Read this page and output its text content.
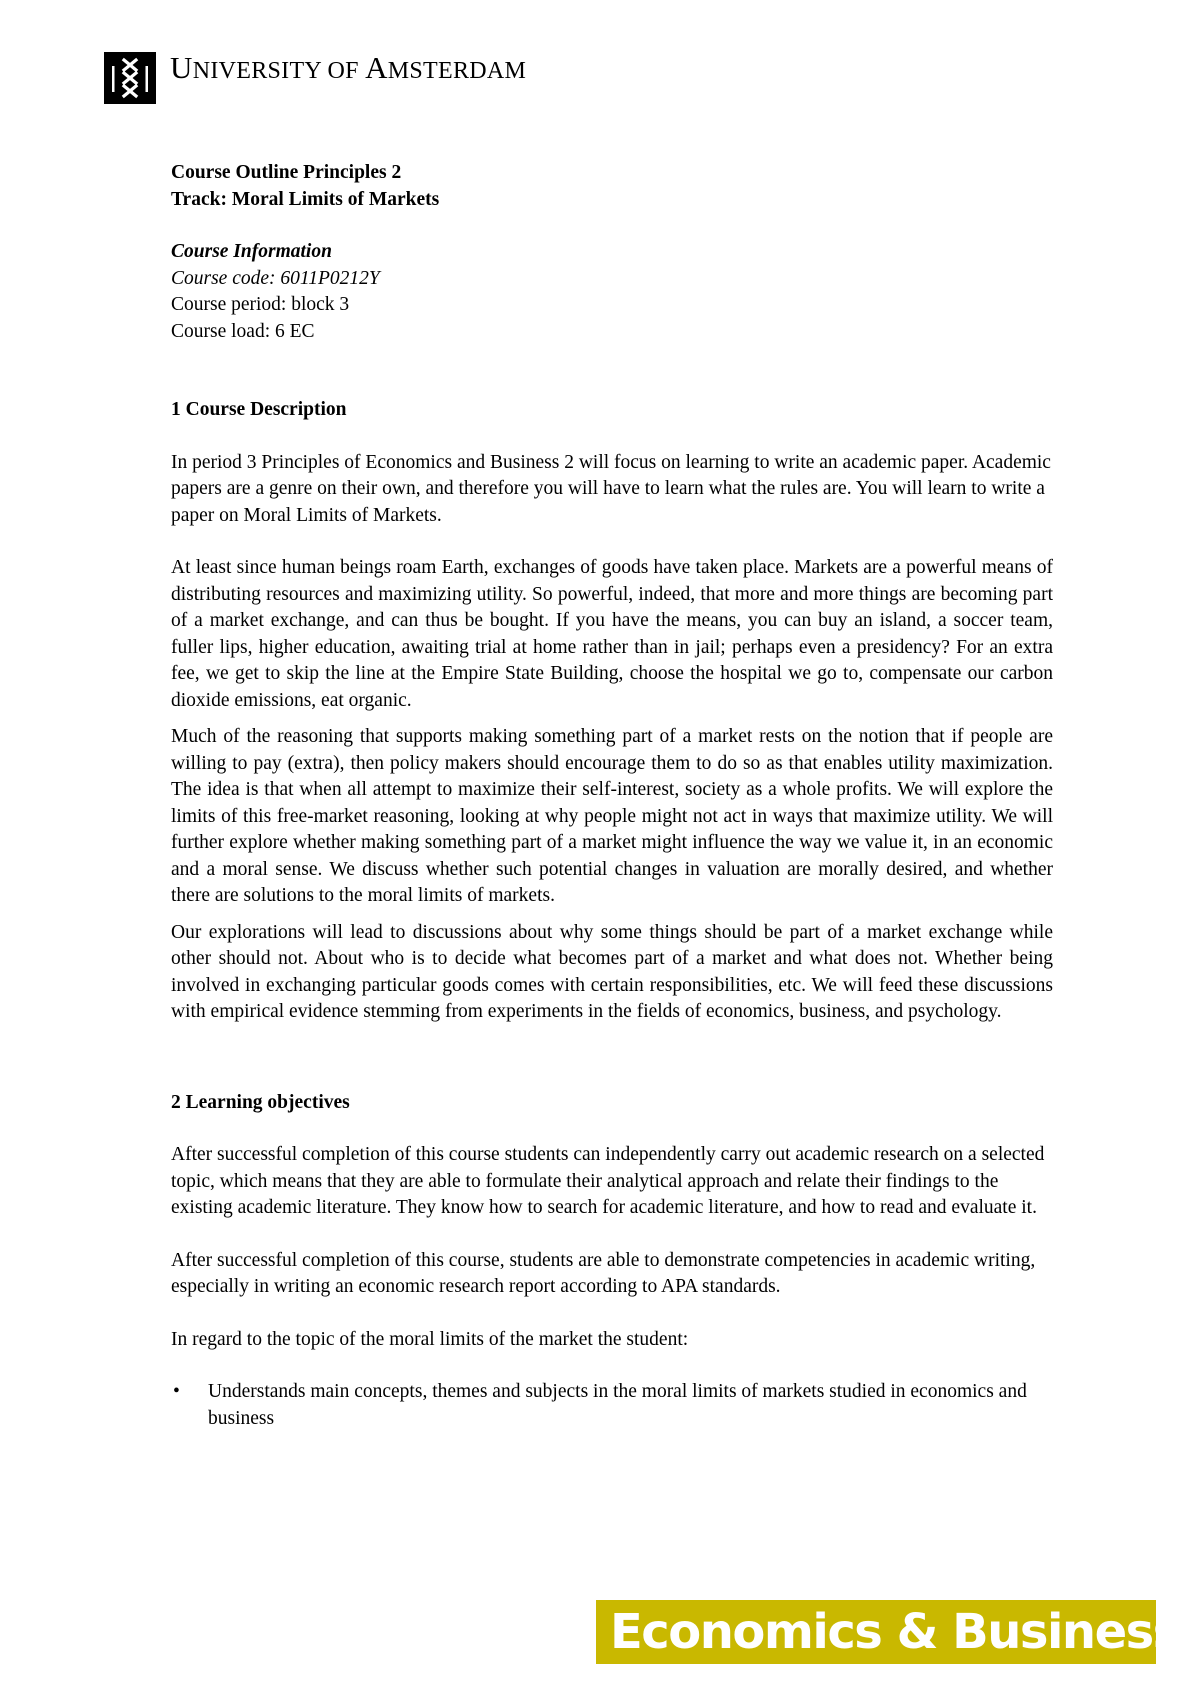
UNIVERSITY OF AMSTERDAM

Course Outline Principles 2

Track: Moral Limits of Markets

Course Information

Course code: 6011P0212Y

Course period: block 3

Course load: 6 EC

1 Course Description

In period 3 Principles of Economics and Business 2 will focus on learning to write an academic paper. Academic papers are a genre on their own, and therefore you will have to learn what the rules are. You will learn to write a paper on Moral Limits of Markets.

At least since human beings roam Earth, exchanges of goods have taken place. Markets are a powerful means of distributing resources and maximizing utility. So powerful, indeed, that more and more things are becoming part of a market exchange, and can thus be bought. If you have the means, you can buy an island, a soccer team, fuller lips, higher education, awaiting trial at home rather than in jail; perhaps even a presidency? For an extra fee, we get to skip the line at the Empire State Building, choose the hospital we go to, compensate our carbon dioxide emissions, eat organic.

Much of the reasoning that supports making something part of a market rests on the notion that if people are willing to pay (extra), then policy makers should encourage them to do so as that enables utility maximization. The idea is that when all attempt to maximize their self-interest, society as a whole profits. We will explore the limits of this free-market reasoning, looking at why people might not act in ways that maximize utility. We will further explore whether making something part of a market might influence the way we value it, in an economic and a moral sense. We discuss whether such potential changes in valuation are morally desired, and whether there are solutions to the moral limits of markets.

Our explorations will lead to discussions about why some things should be part of a market exchange while other should not. About who is to decide what becomes part of a market and what does not. Whether being involved in exchanging particular goods comes with certain responsibilities, etc. We will feed these discussions with empirical evidence stemming from experiments in the fields of economics, business, and psychology.

2 Learning objectives

After successful completion of this course students can independently carry out academic research on a selected topic, which means that they are able to formulate their analytical approach and relate their findings to the existing academic literature. They know how to search for academic literature, and how to read and evaluate it.

After successful completion of this course, students are able to demonstrate competencies in academic writing, especially in writing an economic research report according to APA standards.

In regard to the topic of the moral limits of the market the student:

• Understands main concepts, themes and subjects in the moral limits of markets studied in economics and business
Economics & Business
